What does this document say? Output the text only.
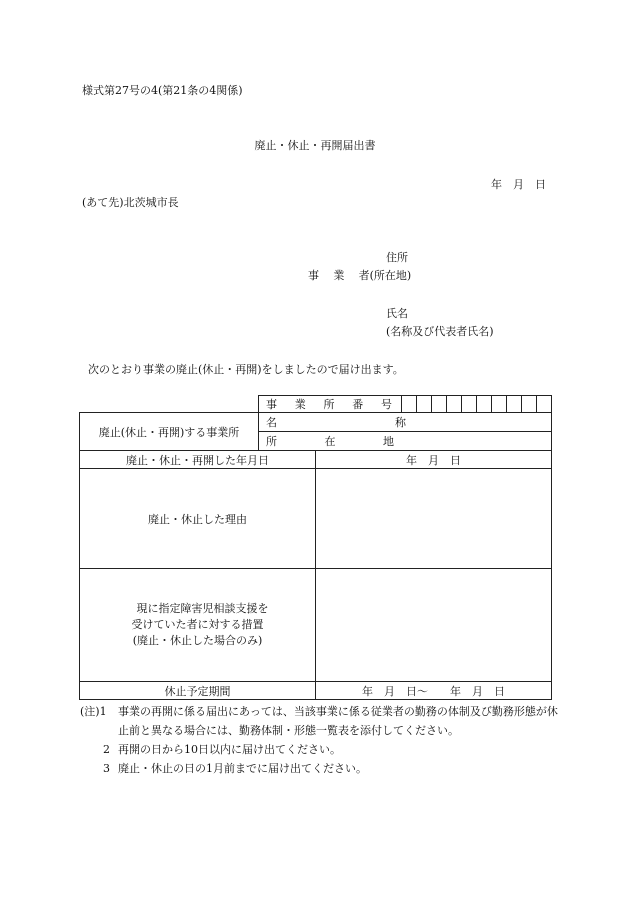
様式第27号の4(第21条の4関係)
廃止・休止・再開届出書
年　月　日
(あて先)北茨城市長
住所
事業者(所在地)
氏名
(名称及び代表者氏名)
次のとおり事業の廃止(休止・再開)をしましたので届け出ます。
事 業 所 番 号
廃止(休止・再開)する事業所
名	称
所	在	地
廃止・休止・再開した年月日	年　月　日
廃止・休止した理由
現に指定障害児相談支援を
受けていた者に対する措置
(廃止・休止した場合のみ)
休止予定期間	年　月　日〜　　年　月　日
(注)1	事業の再開に係る届出にあっては、当該事業に係る従業者の勤務の体制及び勤務形態が休止前と異なる場合には、勤務体制・形態一覧表を添付してください。
2 再開の日から10日以内に届け出てください。
3 廃止・休止の日の1月前までに届け出てください。
